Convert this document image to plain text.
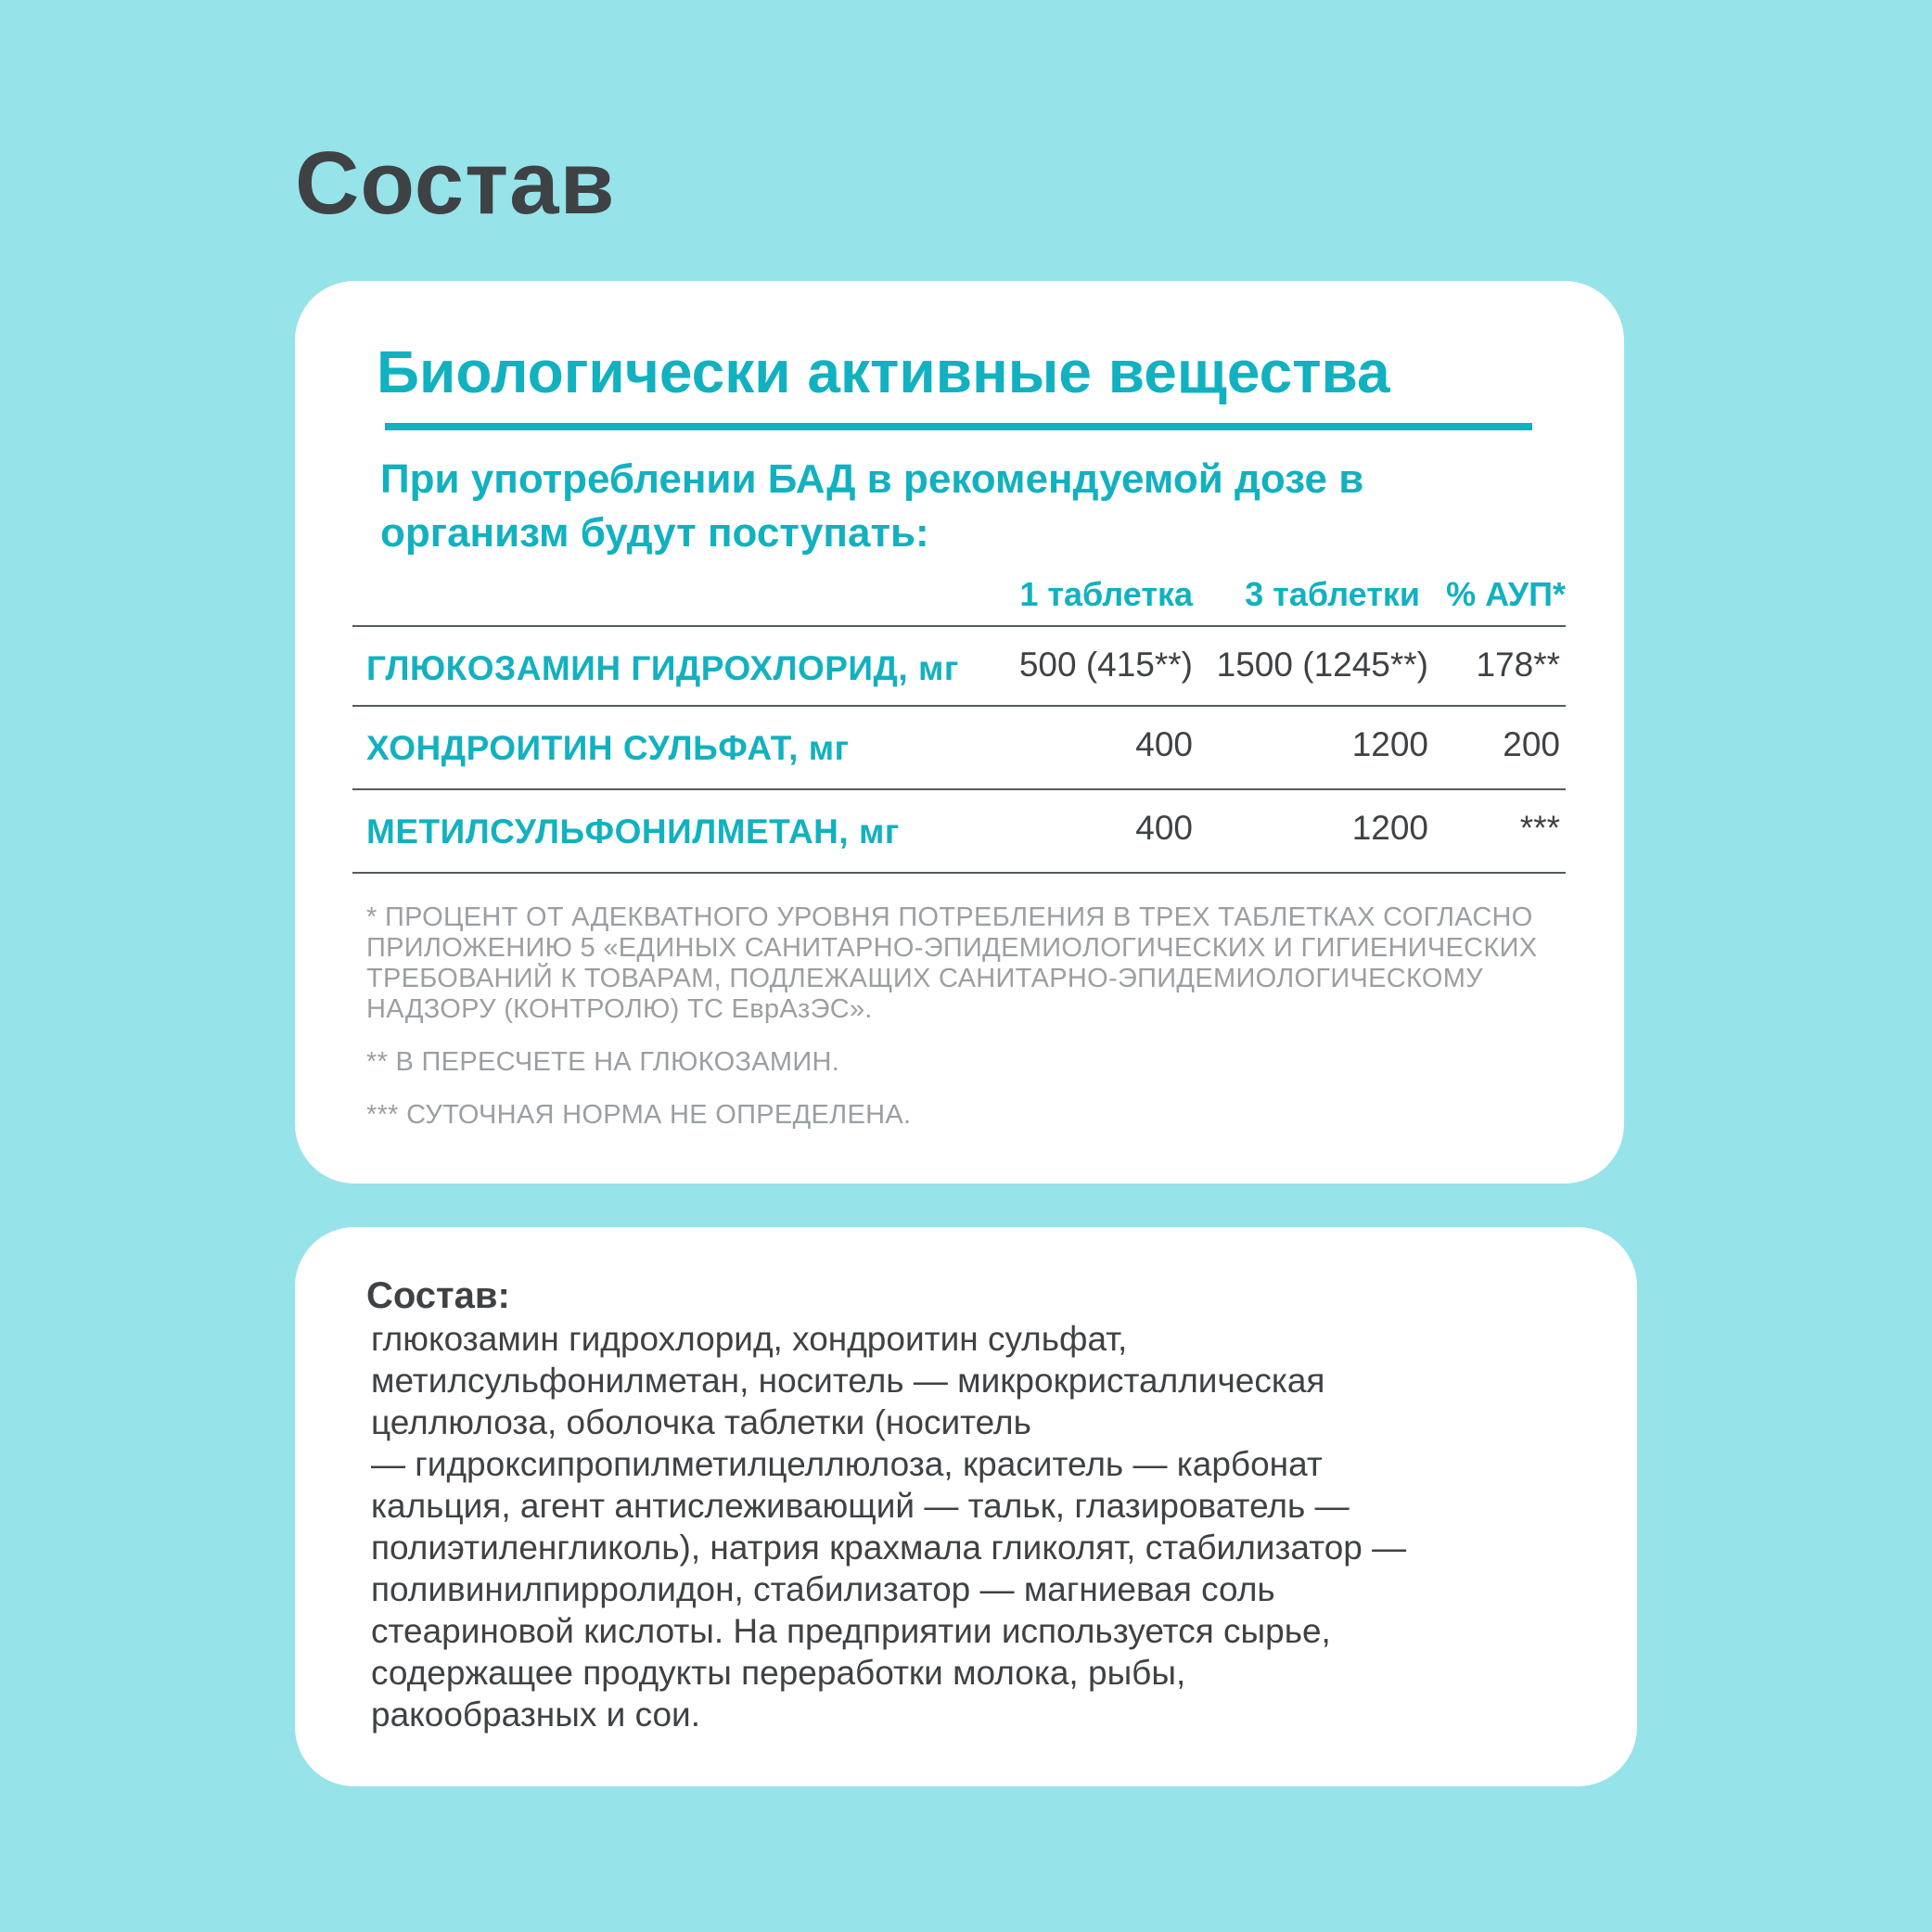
Состав
Биологически активные вещества

При употреблении БАД в рекомендуемой дозе в организм будут поступать:

1 таблетка 3 таблетки % АУП*
ГЛЮКОЗАМИН ГИДРОХЛОРИД, мг 500 (415**) 1500 (1245**) 178**
ХОНДРОИТИН СУЛЬФАТ, мг	400	1200 200
МЕТИЛСУЛЬФОНИЛМЕТАН, мг	400	1200	***

* ПРОЦЕНТ ОТ АДЕКВАТНОГО УРОВНЯ ПОТРЕБЛЕНИЯ В ТРЕХ ТАБЛЕТКАХ СОГЛАСНО ПРИЛОЖЕНИЮ 5 «ЕДИНЫХ САНИТАРНО-ЭПИДЕМИОЛОГИЧЕСКИХ И ГИГИЕНИЧЕСКИХ ТРЕБОВАНИЙ К ТОВАРАМ, ПОДЛЕЖАЩИХ САНИТАРНО-ЭПИДЕМИОЛОГИЧЕСКОМУ НАДЗОРУ (КОНТРОЛЮ) ТС ЕврАзЭС».

** В ПЕРЕСЧЕТЕ НА ГЛЮКОЗАМИН.

*** СУТОЧНАЯ НОРМА НЕ ОПРЕДЕЛЕНА.

Состав:

глюкозамин гидрохлорид, хондроитин сульфат,
метилсульфонилметан, носитель — микрокристаллическая
целлюлоза, оболочка таблетки (носитель
— гидроксипропилметилцеллюлоза, краситель — карбонат
кальция, агент антислеживающий — тальк, глазирователь —
полиэтиленгликоль), натрия крахмала гликолят, стабилизатор —
поливинилпирролидон, стабилизатор — магниевая соль
стеариновой кислоты. На предприятии используется сырье,
содержащее продукты переработки молока, рыбы,
ракообразных и сои.
